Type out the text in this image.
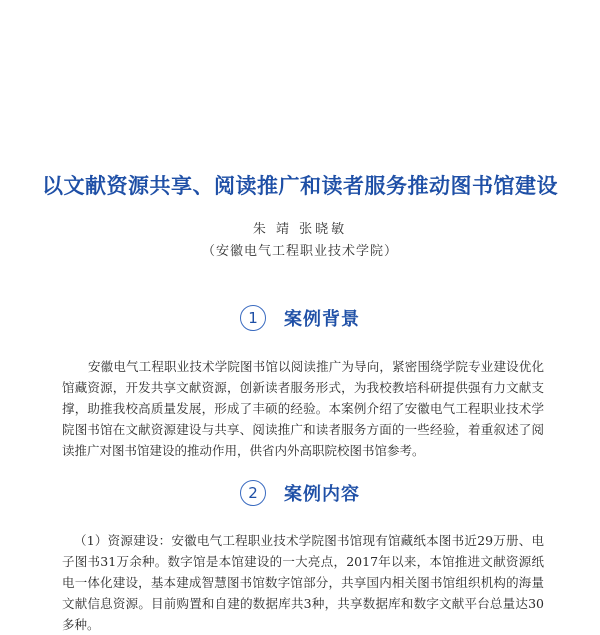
以文献资源共享、阅读推广和读者服务推动图书馆建设
朱 靖 张晓敏
（安徽电气工程职业技术学院）
1	案例背景
安徽电气工程职业技术学院图书馆以阅读推广为导向，紧密围绕学院专业建设优化馆藏资源，开发共享文献资源，创新读者服务形式，为我校教培科研提供强有力文献支撑，助推我校高质量发展，形成了丰硕的经验。本案例介绍了安徽电气工程职业技术学院图书馆在文献资源建设与共享、阅读推广和读者服务方面的一些经验，着重叙述了阅读推广对图书馆建设的推动作用，供省内外高职院校图书馆参考。
2	案例内容
（1）资源建设：安徽电气工程职业技术学院图书馆现有馆藏纸本图书近29万册、电子图书31万余种。数字馆是本馆建设的一大亮点，2017年以来，本馆推进文献资源纸电一体化建设，基本建成智慧图书馆数字馆部分，共享国内相关图书馆组织机构的海量文献信息资源。目前购置和自建的数据库共3种，共享数据库和数字文献平台总量达30多种。
